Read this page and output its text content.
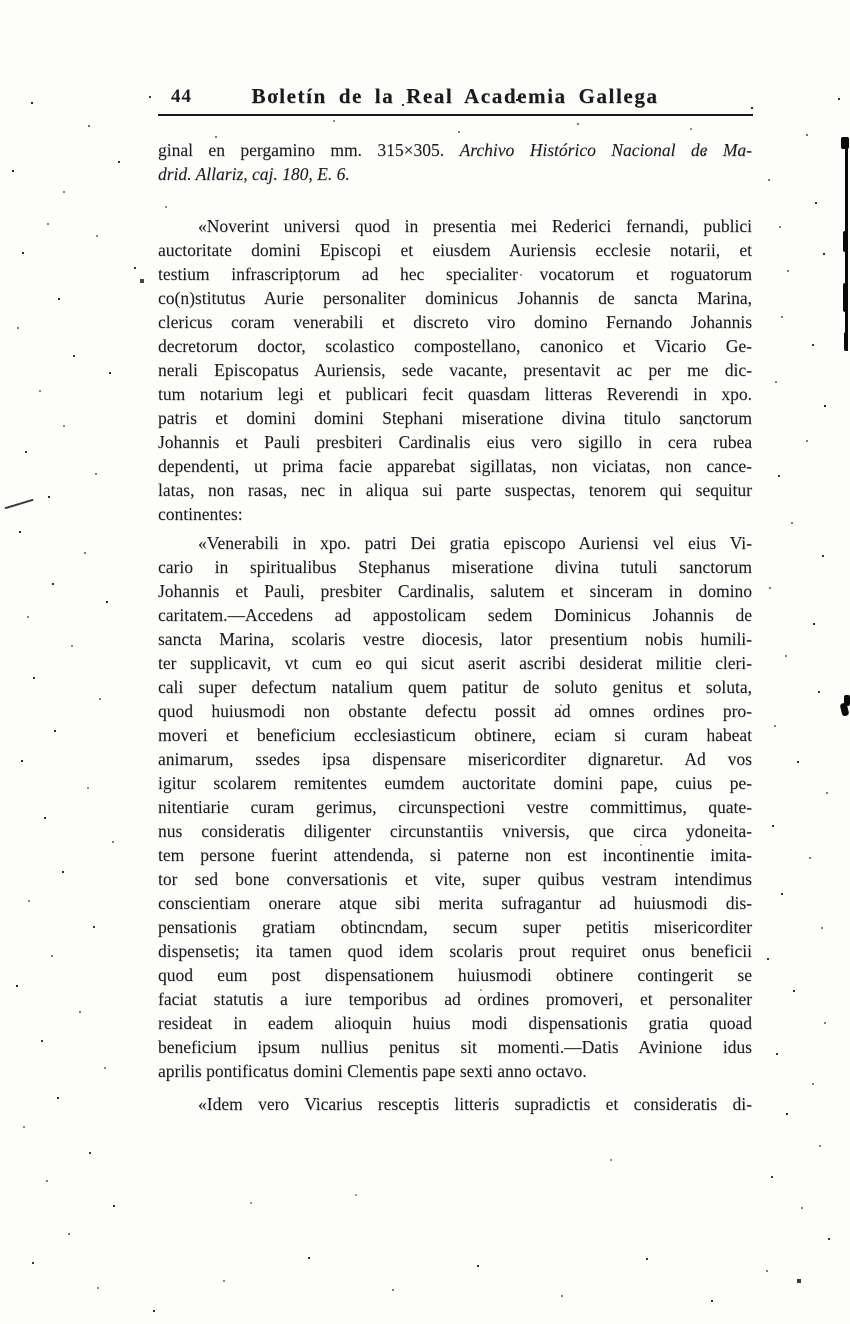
44	Boletín de la Real Academia Gallega

ginal en pergamino mm. 315×305. Archivo Histórico Nacional de Ma-
drid. Allariz, caj. 180, E. 6.

«Noverint universi quod in presentia mei Rederici fernandi, publici
auctoritate domini Episcopi et eiusdem Auriensis ecclesie notarii, et
testium infrascriptorum ad hec specialiter vocatorum et roguatorum
co(n)stitutus Aurie personaliter dominicus Johannis de sancta Marina,
clericus coram venerabili et discreto viro domino Fernando Johannis
decretorum doctor, scolastico compostellano, canonico et Vicario Ge-
nerali Episcopatus Auriensis, sede vacante, presentavit ac per me dic-
tum notarium legi et publicari fecit quasdam litteras Reverendi in xpo.
patris et domini domini Stephani miseratione divina titulo sanctorum
Johannis et Pauli presbiteri Cardinalis eius vero sigillo in cera rubea
dependenti, ut prima facie apparebat sigillatas, non viciatas, non cance-
latas, non rasas, nec in aliqua sui parte suspectas, tenorem qui sequitur
continentes:

«Venerabili in xpo. patri Dei gratia episcopo Auriensi vel eius Vi-
cario in spiritualibus Stephanus miseratione divina tutuli sanctorum
Johannis et Pauli, presbiter Cardinalis, salutem et sinceram in domino
caritatem.—Accedens ad appostolicam sedem Dominicus Johannis de
sancta Marina, scolaris vestre diocesis, lator presentium nobis humili-
ter supplicavit, vt cum eo qui sicut aserit ascribi desiderat militie cleri-
cali super defectum natalium quem patitur de soluto genitus et soluta,
quod huiusmodi non obstante defectu possit ad omnes ordines pro-
moveri et beneficium ecclesiasticum obtinere, eciam si curam habeat
animarum, ssedes ipsa dispensare misericorditer dignaretur. Ad vos
igitur scolarem remitentes eumdem auctoritate domini pape, cuius pe-
nitentiarie curam gerimus, circunspectioni vestre committimus, quate-
nus consideratis diligenter circunstantiis vniversis, que circa ydoneita-
tem persone fuerint attendenda, si paterne non est incontinentie imita-
tor sed bone conversationis et vite, super quibus vestram intendimus
conscientiam onerare atque sibi merita sufragantur ad huiusmodi dis-
pensationis gratiam obtincndam, secum super petitis misericorditer
dispensetis; ita tamen quod idem scolaris prout requiret onus beneficii
quod eum post dispensationem huiusmodi obtinere contingerit se
faciat statutis a iure temporibus ad ordines promoveri, et personaliter
resideat in eadem alioquin huius modi dispensationis gratia quoad
beneficium ipsum nullius penitus sit momenti.—Datis Avinione idus
aprilis pontificatus domini Clementis pape sexti anno octavo.

«Idem vero Vicarius resceptis litteris supradictis et consideratis di-
